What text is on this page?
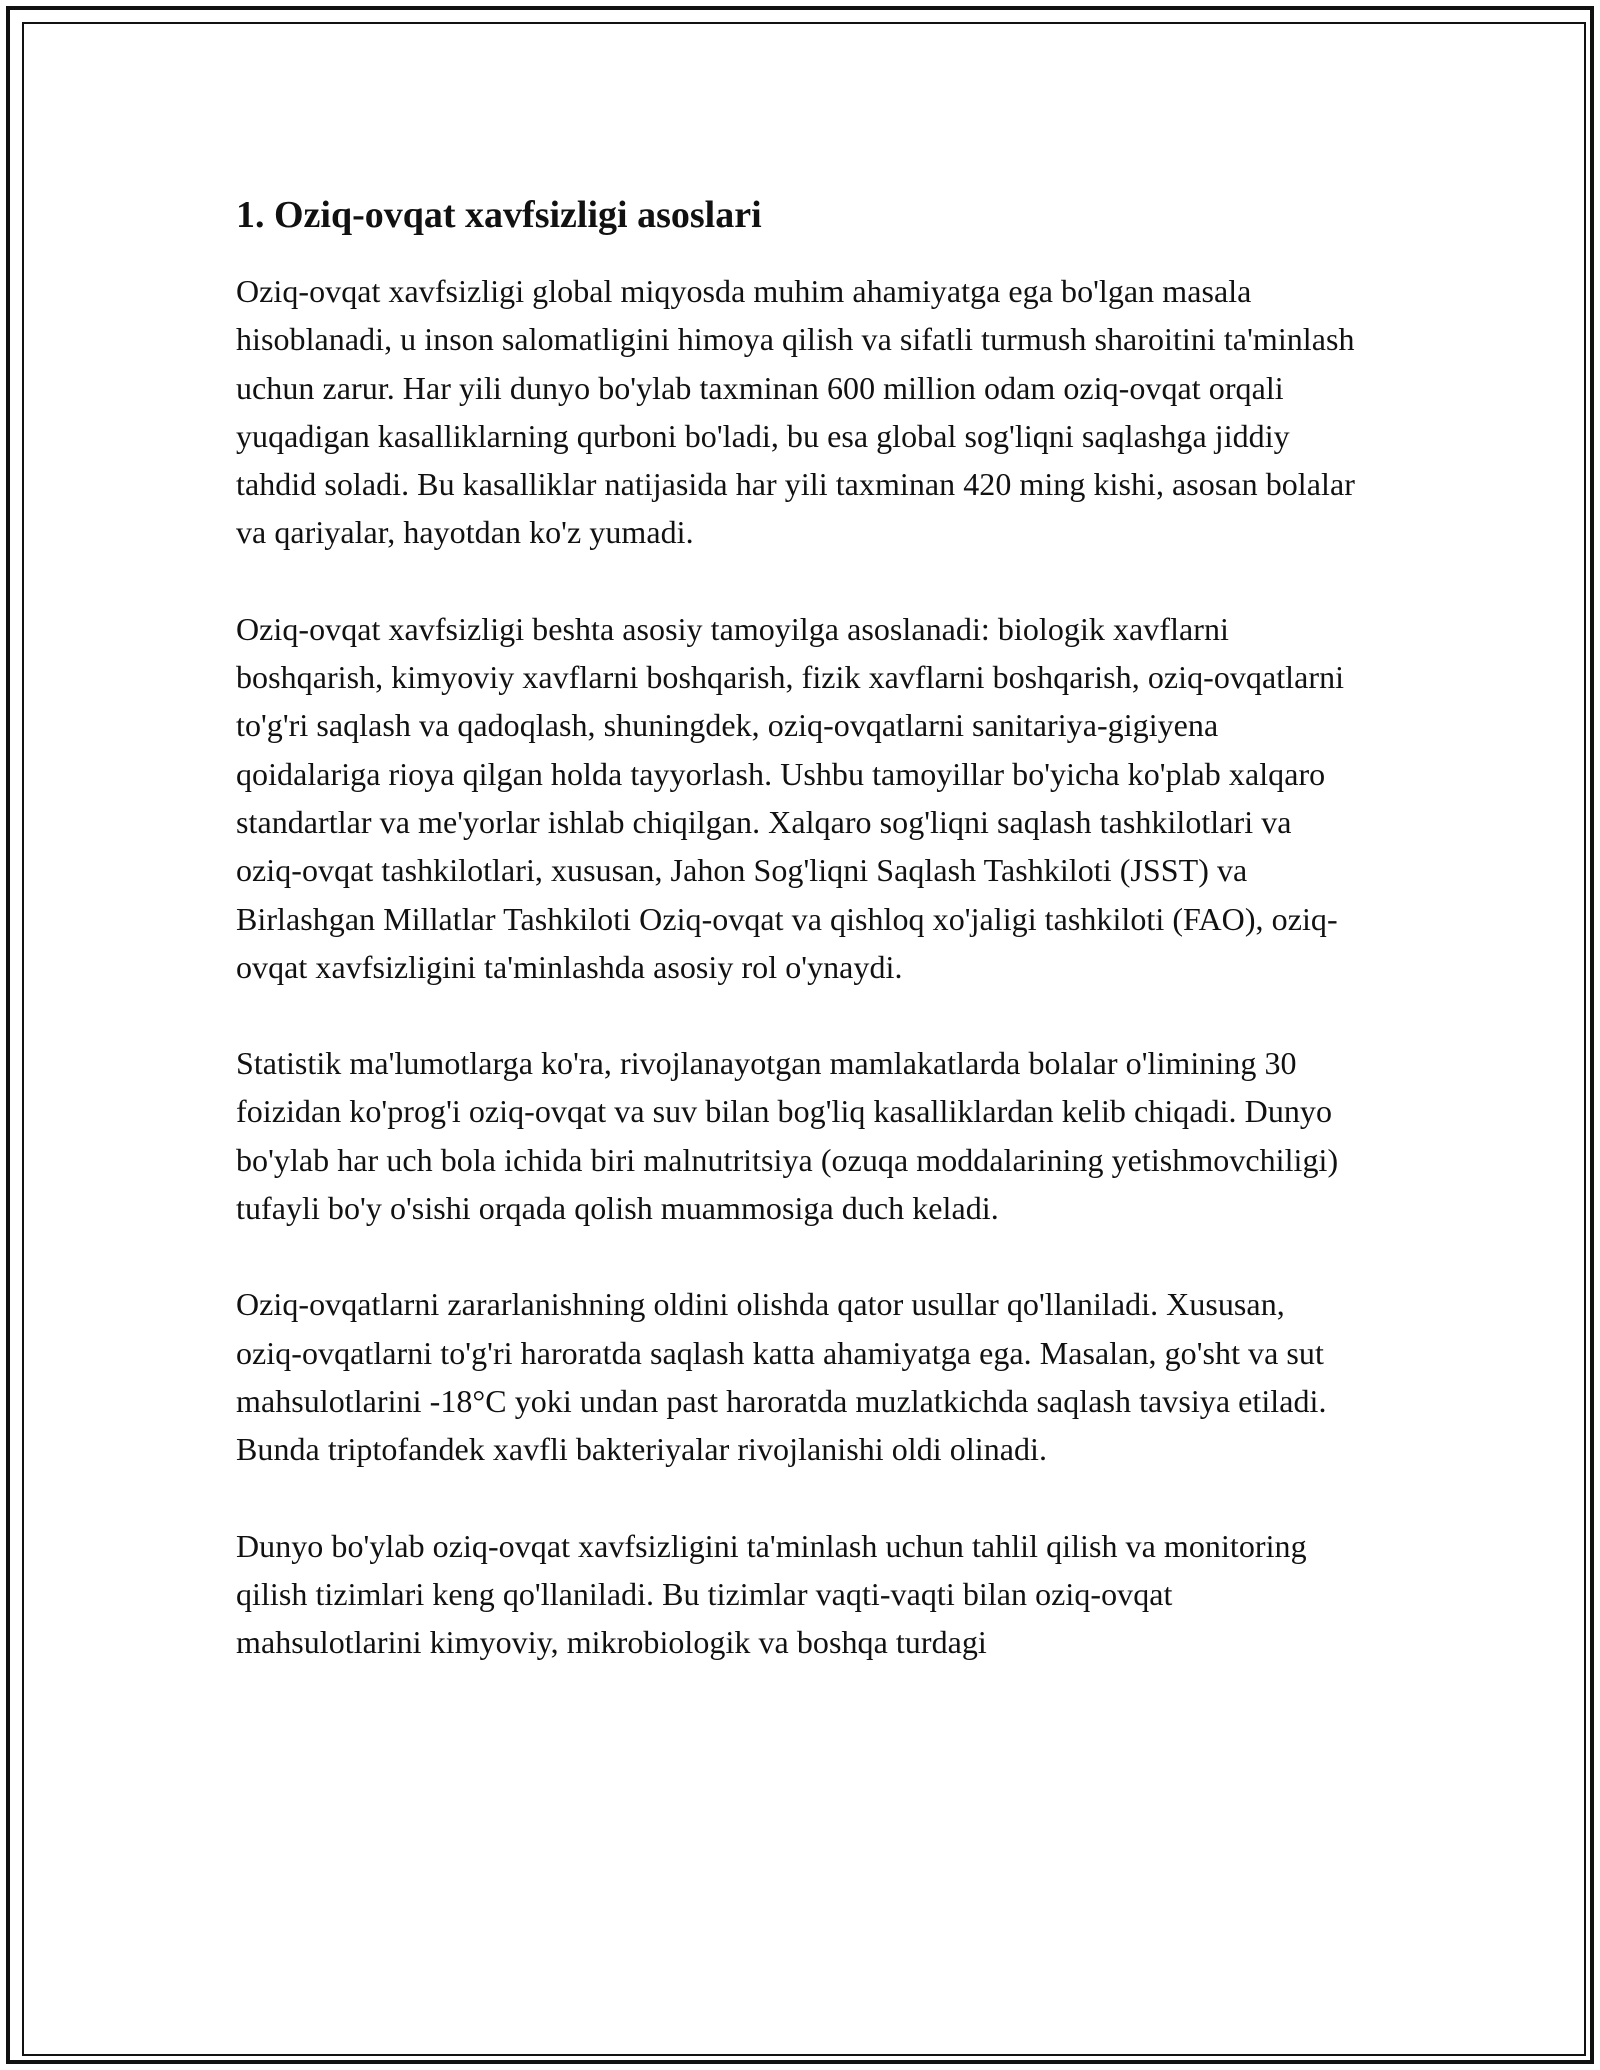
1. Oziq-ovqat xavfsizligi asoslari

Oziq-ovqat xavfsizligi global miqyosda muhim ahamiyatga ega bo'lgan masala hisoblanadi, u inson salomatligini himoya qilish va sifatli turmush sharoitini ta'minlash uchun zarur. Har yili dunyo bo'ylab taxminan 600 million odam oziq-ovqat orqali yuqadigan kasalliklarning qurboni bo'ladi, bu esa global sog'liqni saqlashga jiddiy tahdid soladi. Bu kasalliklar natijasida har yili taxminan 420 ming kishi, asosan bolalar va qariyalar, hayotdan ko'z yumadi.

Oziq-ovqat xavfsizligi beshta asosiy tamoyilga asoslanadi: biologik xavflarni boshqarish, kimyoviy xavflarni boshqarish, fizik xavflarni boshqarish, oziq-ovqatlarni to'g'ri saqlash va qadoqlash, shuningdek, oziq-ovqatlarni sanitariya-gigiyena qoidalariga rioya qilgan holda tayyorlash. Ushbu tamoyillar bo'yicha ko'plab xalqaro standartlar va me'yorlar ishlab chiqilgan. Xalqaro sog'liqni saqlash tashkilotlari va oziq-ovqat tashkilotlari, xususan, Jahon Sog'liqni Saqlash Tashkiloti (JSST) va Birlashgan Millatlar Tashkiloti Oziq-ovqat va qishloq xo'jaligi tashkiloti (FAO), oziq-ovqat xavfsizligini ta'minlashda asosiy rol o'ynaydi.

Statistik ma'lumotlarga ko'ra, rivojlanayotgan mamlakatlarda bolalar o'limining 30 foizidan ko'prog'i oziq-ovqat va suv bilan bog'liq kasalliklardan kelib chiqadi. Dunyo bo'ylab har uch bola ichida biri malnutritsiya (ozuqa moddalarining yetishmovchiligi) tufayli bo'y o'sishi orqada qolish muammosiga duch keladi.

Oziq-ovqatlarni zararlanishning oldini olishda qator usullar qo'llaniladi. Xususan, oziq-ovqatlarni to'g'ri haroratda saqlash katta ahamiyatga ega. Masalan, go'sht va sut mahsulotlarini -18°C yoki undan past haroratda muzlatkichda saqlash tavsiya etiladi. Bunda triptofandek xavfli bakteriyalar rivojlanishi oldi olinadi.

Dunyo bo'ylab oziq-ovqat xavfsizligini ta'minlash uchun tahlil qilish va monitoring qilish tizimlari keng qo'llaniladi. Bu tizimlar vaqti-vaqti bilan oziq-ovqat mahsulotlarini kimyoviy, mikrobiologik va boshqa turdagi
